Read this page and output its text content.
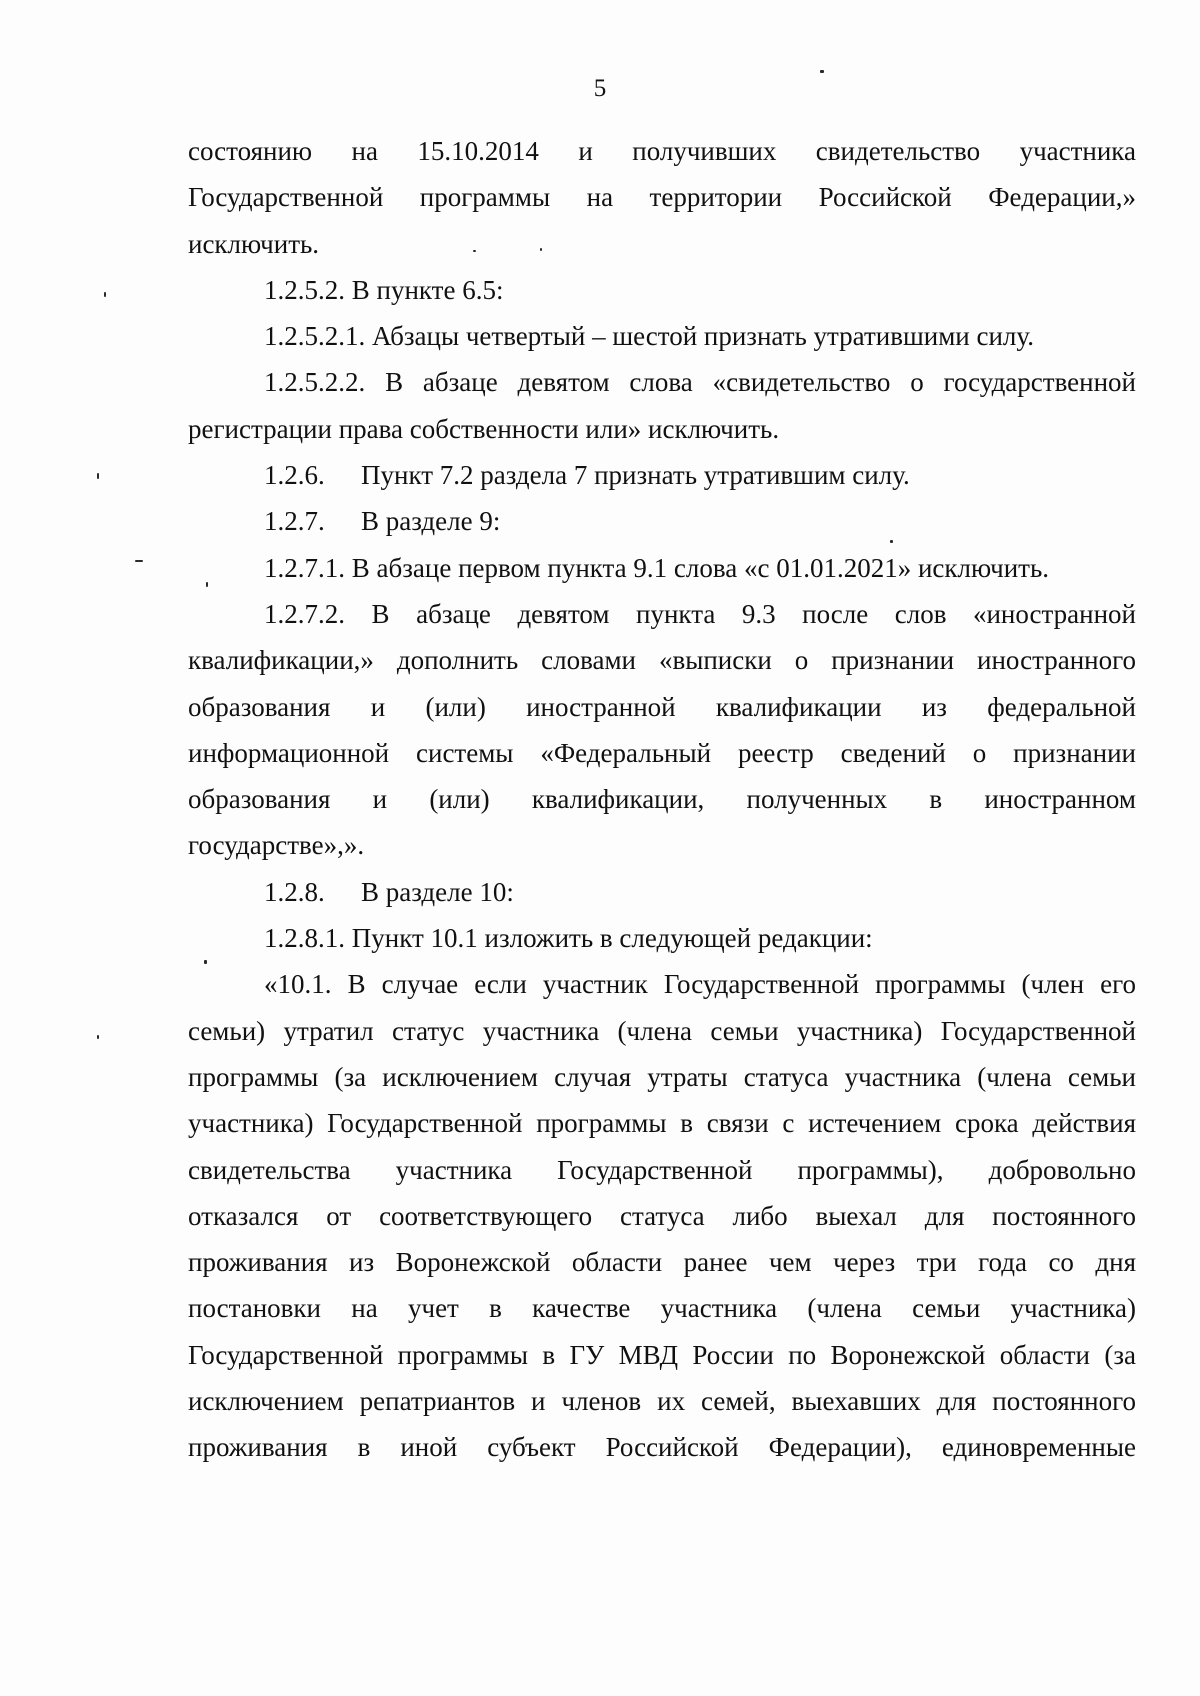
5
состоянию на 15.10.2014 и получивших свидетельство участника
Государственной программы на территории Российской Федерации,»
исключить.
1.2.5.2. В пункте 6.5:
1.2.5.2.1. Абзацы четвертый – шестой признать утратившими силу.
1.2.5.2.2. В абзаце девятом слова «свидетельство о государственной
регистрации права собственности или» исключить.
1.2.6. Пункт 7.2 раздела 7 признать утратившим силу.
1.2.7. В разделе 9:
1.2.7.1. В абзаце первом пункта 9.1 слова «с 01.01.2021» исключить.
1.2.7.2. В абзаце девятом пункта 9.3 после слов «иностранной
квалификации,» дополнить словами «выписки о признании иностранного
образования и (или) иностранной квалификации из федеральной
информационной системы «Федеральный реестр сведений о признании
образования и (или) квалификации, полученных в иностранном
государстве»,».
1.2.8. В разделе 10:
1.2.8.1. Пункт 10.1 изложить в следующей редакции:
«10.1. В случае если участник Государственной программы (член его
семьи) утратил статус участника (члена семьи участника) Государственной
программы (за исключением случая утраты статуса участника (члена семьи
участника) Государственной программы в связи с истечением срока действия
свидетельства участника Государственной программы), добровольно
отказался от соответствующего статуса либо выехал для постоянного
проживания из Воронежской области ранее чем через три года со дня
постановки на учет в качестве участника (члена семьи участника)
Государственной программы в ГУ МВД России по Воронежской области (за
исключением репатриантов и членов их семей, выехавших для постоянного
проживания в иной субъект Российской Федерации), единовременные
